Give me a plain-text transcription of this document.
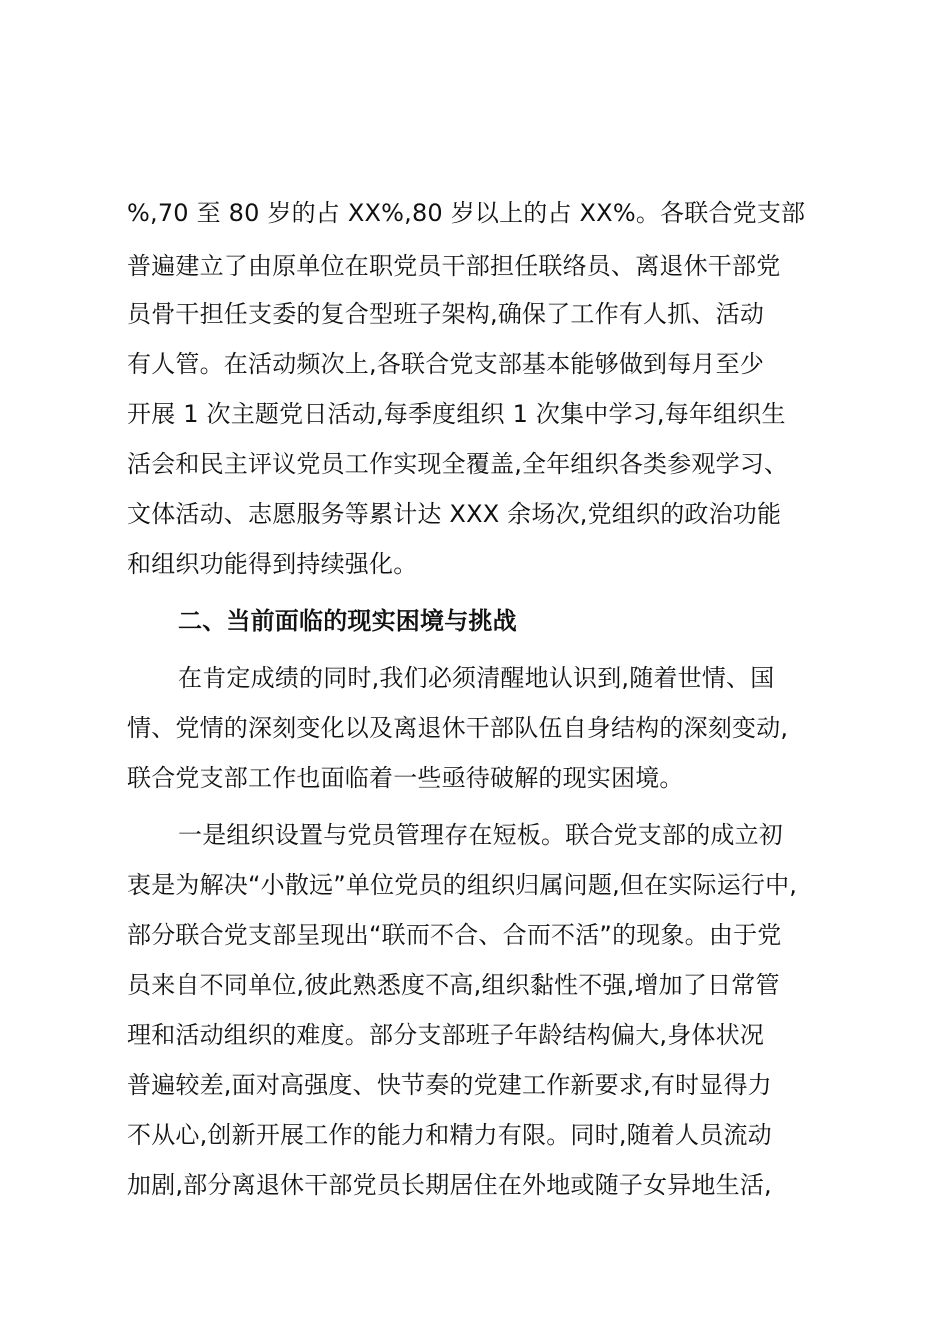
%,70 至 80 岁的占 XX%,80 岁以上的占 XX%。各联合党支部
普遍建立了由原单位在职党员干部担任联络员、离退休干部党
员骨干担任支委的复合型班子架构,确保了工作有人抓、活动
有人管。在活动频次上,各联合党支部基本能够做到每月至少
开展 1 次主题党日活动,每季度组织 1 次集中学习,每年组织生
活会和民主评议党员工作实现全覆盖,全年组织各类参观学习、
文体活动、志愿服务等累计达 XXX 余场次,党组织的政治功能
和组织功能得到持续强化。
二、当前面临的现实困境与挑战
在肯定成绩的同时,我们必须清醒地认识到,随着世情、国
情、党情的深刻变化以及离退休干部队伍自身结构的深刻变动,
联合党支部工作也面临着一些亟待破解的现实困境。
一是组织设置与党员管理存在短板。联合党支部的成立初
衷是为解决“小散远”单位党员的组织归属问题,但在实际运行中,
部分联合党支部呈现出“联而不合、合而不活”的现象。由于党
员来自不同单位,彼此熟悉度不高,组织黏性不强,增加了日常管
理和活动组织的难度。部分支部班子年龄结构偏大,身体状况
普遍较差,面对高强度、快节奏的党建工作新要求,有时显得力
不从心,创新开展工作的能力和精力有限。同时,随着人员流动
加剧,部分离退休干部党员长期居住在外地或随子女异地生活,
